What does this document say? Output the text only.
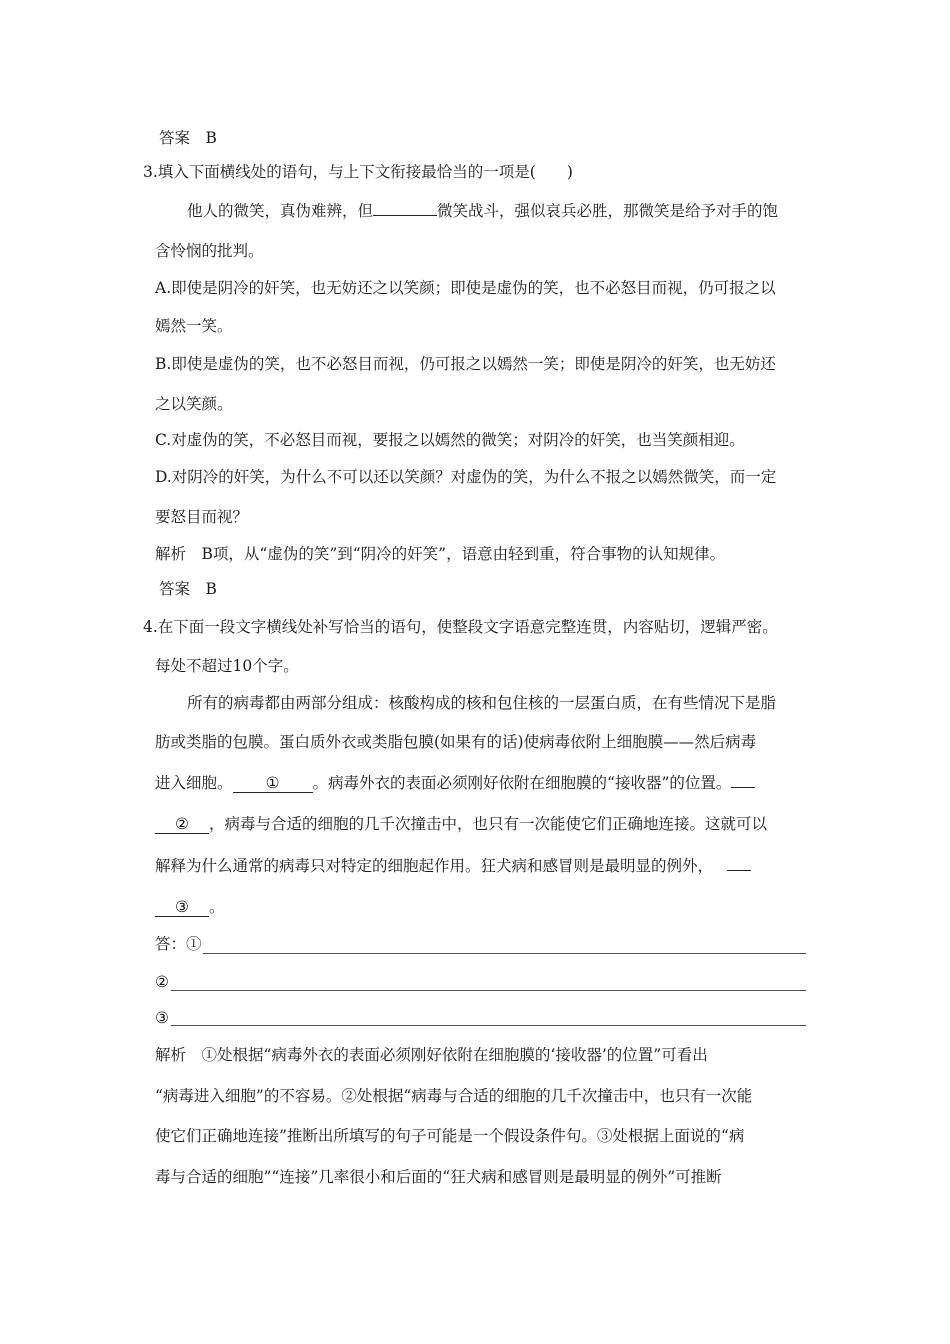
答案　B
3.填入下面横线处的语句，与上下文衔接最恰当的一项是(　　)
他人的微笑，真伪难辨，但	微笑战斗，强似哀兵必胜，那微笑是给予对手的饱
含怜悯的批判。
A.即使是阴冷的奸笑，也无妨还之以笑颜；即使是虚伪的笑，也不必怒目而视，仍可报之以
嫣然一笑。
B.即使是虚伪的笑，也不必怒目而视，仍可报之以嫣然一笑；即使是阴冷的奸笑，也无妨还
之以笑颜。
C.对虚伪的笑，不必怒目而视，要报之以嫣然的微笑；对阴冷的奸笑，也当笑颜相迎。
D.对阴冷的奸笑，为什么不可以还以笑颜？对虚伪的笑，为什么不报之以嫣然微笑，而一定
要怒目而视？
解析　B项，从“虚伪的笑”到“阴冷的奸笑”，语意由轻到重，符合事物的认知规律。
答案　B
4.在下面一段文字横线处补写恰当的语句，使整段文字语意完整连贯，内容贴切，逻辑严密。
每处不超过10个字。
所有的病毒都由两部分组成：核酸构成的核和包住核的一层蛋白质，在有些情况下是脂
肪或类脂的包膜。蛋白质外衣或类脂包膜(如果有的话)使病毒依附上细胞膜——然后病毒
进入细胞。 ① 。病毒外衣的表面必须刚好依附在细胞膜的“接收器”的位置。
② ，病毒与合适的细胞的几千次撞击中，也只有一次能使它们正确地连接。这就可以
解释为什么通常的病毒只对特定的细胞起作用。狂犬病和感冒则是最明显的例外，
③ 。
答：①
②
③
解析　①处根据“病毒外衣的表面必须刚好依附在细胞膜的‘接收器’的位置”可看出
“病毒进入细胞”的不容易。②处根据“病毒与合适的细胞的几千次撞击中，也只有一次能
使它们正确地连接”推断出所填写的句子可能是一个假设条件句。③处根据上面说的“病
毒与合适的细胞”“连接”几率很小和后面的“狂犬病和感冒则是最明显的例外”可推断
